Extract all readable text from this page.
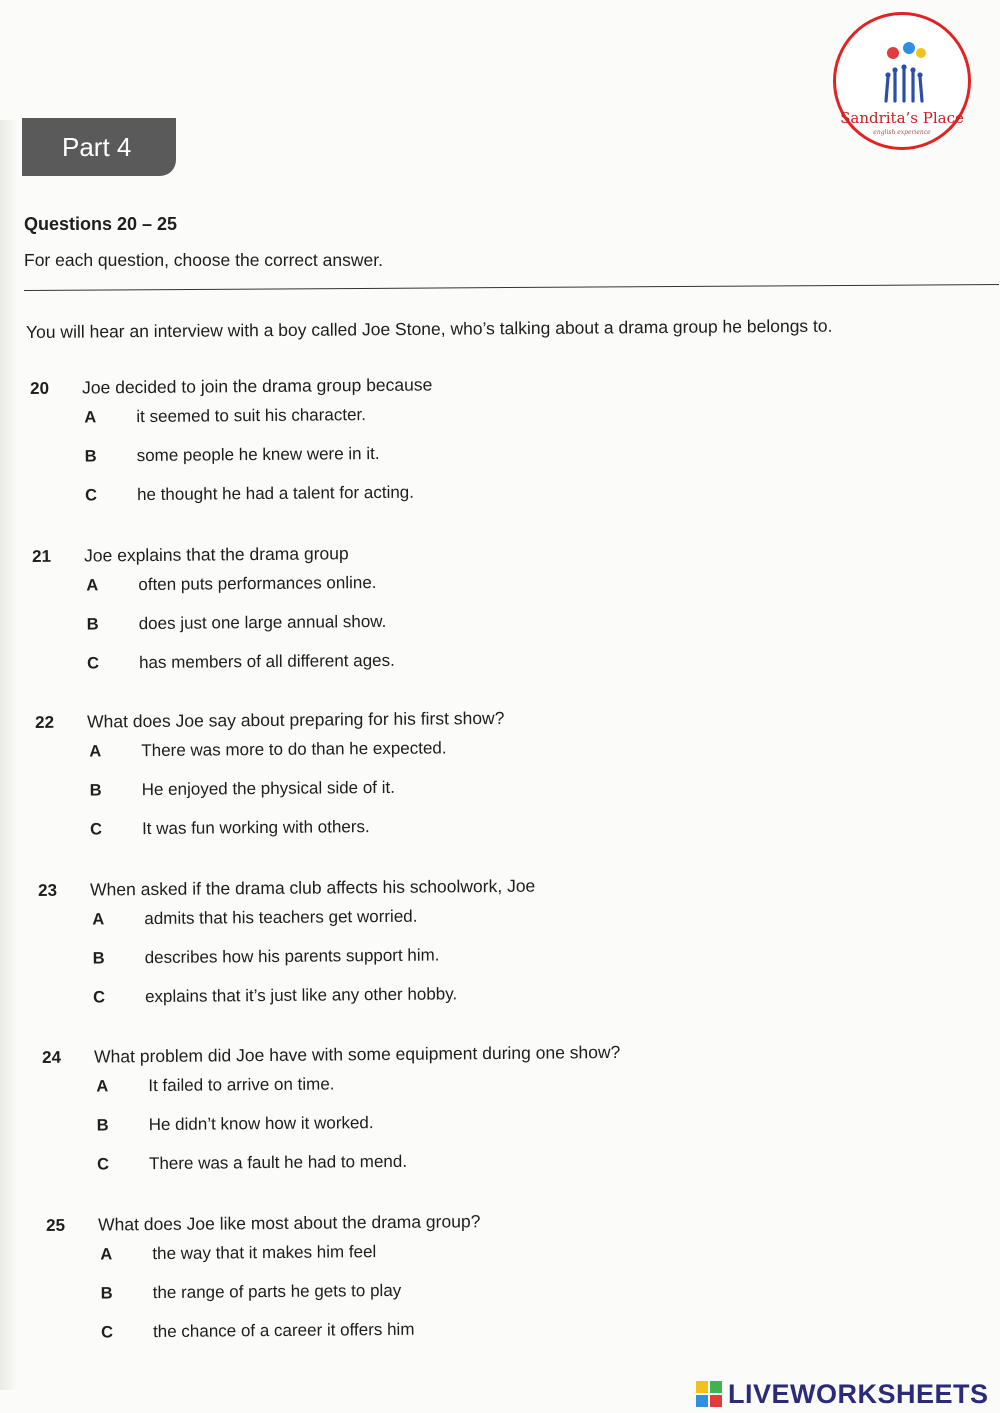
Part 4
Questions 20 – 25
For each question, choose the correct answer.
You will hear an interview with a boy called Joe Stone, who’s talking about a drama group he belongs to.
20	Joe decided to join the drama group because
A	it seemed to suit his character.
B	some people he knew were in it.
C	he thought he had a talent for acting.
21	Joe explains that the drama group
A	often puts performances online.
B	does just one large annual show.
C	has members of all different ages.
22	What does Joe say about preparing for his first show?
A	There was more to do than he expected.
B	He enjoyed the physical side of it.
C	It was fun working with others.
23	When asked if the drama club affects his schoolwork, Joe
A	admits that his teachers get worried.
B	describes how his parents support him.
C	explains that it’s just like any other hobby.
24	What problem did Joe have with some equipment during one show?
A	It failed to arrive on time.
B	He didn’t know how it worked.
C	There was a fault he had to mend.
25	What does Joe like most about the drama group?
A	the way that it makes him feel
B	the range of parts he gets to play
C	the chance of a career it offers him
Sandrita’s Place
english experience
LIVEWORKSHEETS
